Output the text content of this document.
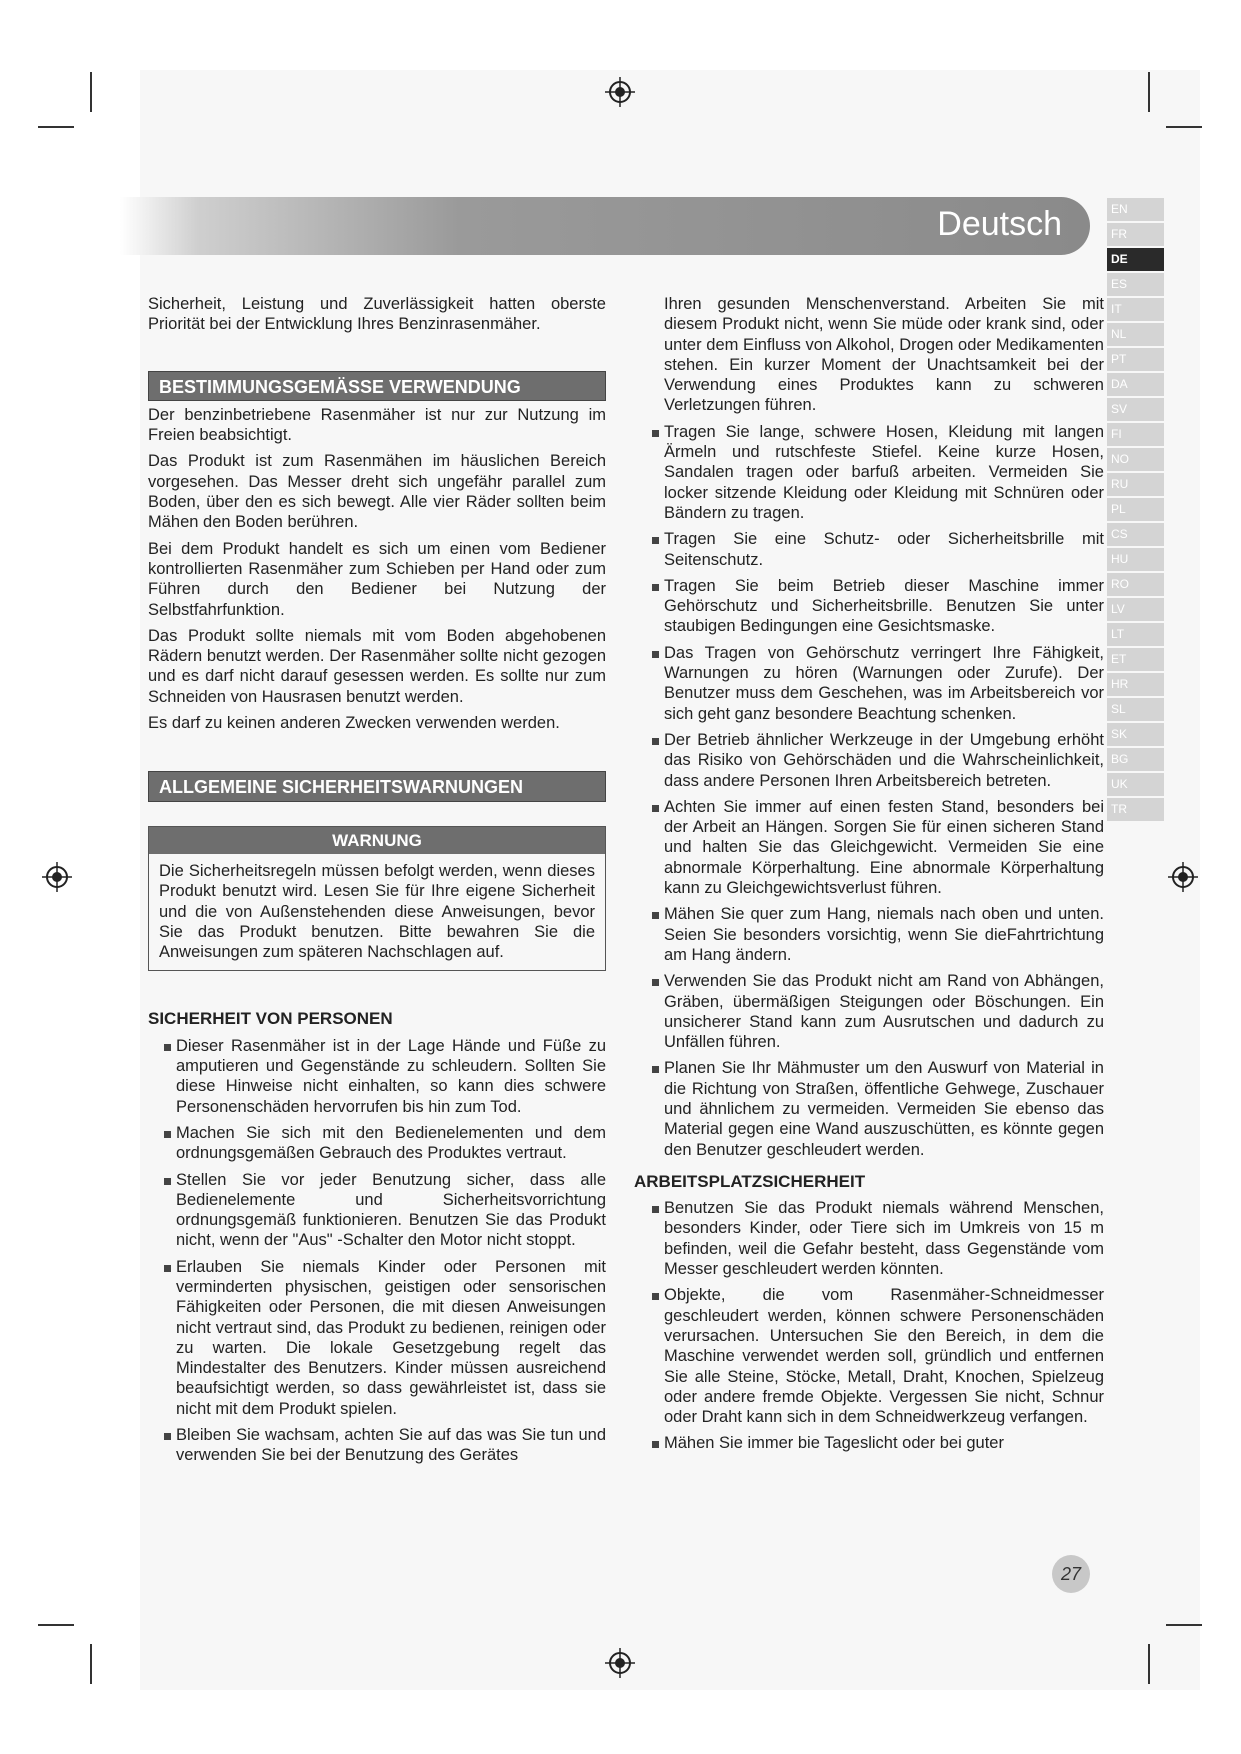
Deutsch	EN
FR
DE
ES
IT
NL
PT
DA
SV
FI
NO
RU
PL
CS
HU
RO
LV
LT
ET
HR
SL
SK
BG
UK
TR

Sicherheit, Leistung und Zuverlässigkeit hatten oberste Priorität bei der Entwicklung Ihres Benzinrasenmäher.

BESTIMMUNGSGEMÄSSE VERWENDUNG

Der benzinbetriebene Rasenmäher ist nur zur Nutzung im Freien beabsichtigt.

Das Produkt ist zum Rasenmähen im häuslichen Bereich vorgesehen. Das Messer dreht sich ungefähr parallel zum Boden, über den es sich bewegt. Alle vier Räder sollten beim Mähen den Boden berühren.

Bei dem Produkt handelt es sich um einen vom Bediener kontrollierten Rasenmäher zum Schieben per Hand oder zum Führen durch den Bediener bei Nutzung der Selbstfahrfunktion.

Das Produkt sollte niemals mit vom Boden abgehobenen Rädern benutzt werden. Der Rasenmäher sollte nicht gezogen und es darf nicht darauf gesessen werden. Es sollte nur zum Schneiden von Hausrasen benutzt werden.

Es darf zu keinen anderen Zwecken verwenden werden.

ALLGEMEINE SICHERHEITSWARNUNGEN
WARNUNG
Die Sicherheitsregeln müssen befolgt werden, wenn dieses Produkt benutzt wird. Lesen Sie für Ihre eigene Sicherheit und die von Außenstehenden diese Anweisungen, bevor Sie das Produkt benutzen. Bitte bewahren Sie die Anweisungen zum späteren Nachschlagen auf.
SICHERHEIT VON PERSONEN
Dieser Rasenmäher ist in der Lage Hände und Füße zu amputieren und Gegenstände zu schleudern. Sollten Sie diese Hinweise nicht einhalten, so kann dies schwere Personenschäden hervorrufen bis hin zum Tod.
Machen Sie sich mit den Bedienelementen und dem ordnungsgemäßen Gebrauch des Produktes vertraut.
Stellen Sie vor jeder Benutzung sicher, dass alle Bedienelemente und Sicherheitsvorrichtung ordnungsgemäß funktionieren. Benutzen Sie das Produkt nicht, wenn der "Aus" -Schalter den Motor nicht stoppt.
Erlauben Sie niemals Kinder oder Personen mit verminderten physischen, geistigen oder sensorischen Fähigkeiten oder Personen, die mit diesen Anweisungen nicht vertraut sind, das Produkt zu bedienen, reinigen oder zu warten. Die lokale Gesetzgebung regelt das Mindestalter des Benutzers. Kinder müssen ausreichend beaufsichtigt werden, so dass gewährleistet ist, dass sie nicht mit dem Produkt spielen.
Bleiben Sie wachsam, achten Sie auf das was Sie tun und verwenden Sie bei der Benutzung des Gerätes

Ihren gesunden Menschenverstand. Arbeiten Sie mit diesem Produkt nicht, wenn Sie müde oder krank sind, oder unter dem Einfluss von Alkohol, Drogen oder Medikamenten stehen. Ein kurzer Moment der Unachtsamkeit bei der Verwendung eines Produktes kann zu schweren Verletzungen führen.

Tragen Sie lange, schwere Hosen, Kleidung mit langen Ärmeln und rutschfeste Stiefel. Keine kurze Hosen, Sandalen tragen oder barfuß arbeiten. Vermeiden Sie locker sitzende Kleidung oder Kleidung mit Schnüren oder Bändern zu tragen.
Tragen Sie eine Schutz- oder Sicherheitsbrille mit Seitenschutz.
Tragen Sie beim Betrieb dieser Maschine immer Gehörschutz und Sicherheitsbrille. Benutzen Sie unter staubigen Bedingungen eine Gesichtsmaske.
Das Tragen von Gehörschutz verringert Ihre Fähigkeit, Warnungen zu hören (Warnungen oder Zurufe). Der Benutzer muss dem Geschehen, was im Arbeitsbereich vor sich geht ganz besondere Beachtung schenken.
Der Betrieb ähnlicher Werkzeuge in der Umgebung erhöht das Risiko von Gehörschäden und die Wahrscheinlichkeit, dass andere Personen Ihren Arbeitsbereich betreten.
Achten Sie immer auf einen festen Stand, besonders bei der Arbeit an Hängen. Sorgen Sie für einen sicheren Stand und halten Sie das Gleichgewicht. Vermeiden Sie eine abnormale Körperhaltung. Eine abnormale Körperhaltung kann zu Gleichgewichtsverlust führen.
Mähen Sie quer zum Hang, niemals nach oben und unten. Seien Sie besonders vorsichtig, wenn Sie dieFahrtrichtung am Hang ändern.
Verwenden Sie das Produkt nicht am Rand von Abhängen, Gräben, übermäßigen Steigungen oder Böschungen. Ein unsicherer Stand kann zum Ausrutschen und dadurch zu Unfällen führen.
Planen Sie Ihr Mähmuster um den Auswurf von Material in die Richtung von Straßen, öffentliche Gehwege, Zuschauer und ähnlichem zu vermeiden. Vermeiden Sie ebenso das Material gegen eine Wand auszuschütten, es könnte gegen den Benutzer geschleudert werden.
ARBEITSPLATZSICHERHEIT
Benutzen Sie das Produkt niemals während Menschen, besonders Kinder, oder Tiere sich im Umkreis von 15 m befinden, weil die Gefahr besteht, dass Gegenstände vom Messer geschleudert werden könnten.
Objekte, die vom Rasenmäher-Schneidmesser geschleudert werden, können schwere Personenschäden verursachen. Untersuchen Sie den Bereich, in dem die Maschine verwendet werden soll, gründlich und entfernen Sie alle Steine, Stöcke, Metall, Draht, Knochen, Spielzeug oder andere fremde Objekte. Vergessen Sie nicht, Schnur oder Draht kann sich in dem Schneidwerkzeug verfangen.
Mähen Sie immer bie Tageslicht oder bei guter
27
